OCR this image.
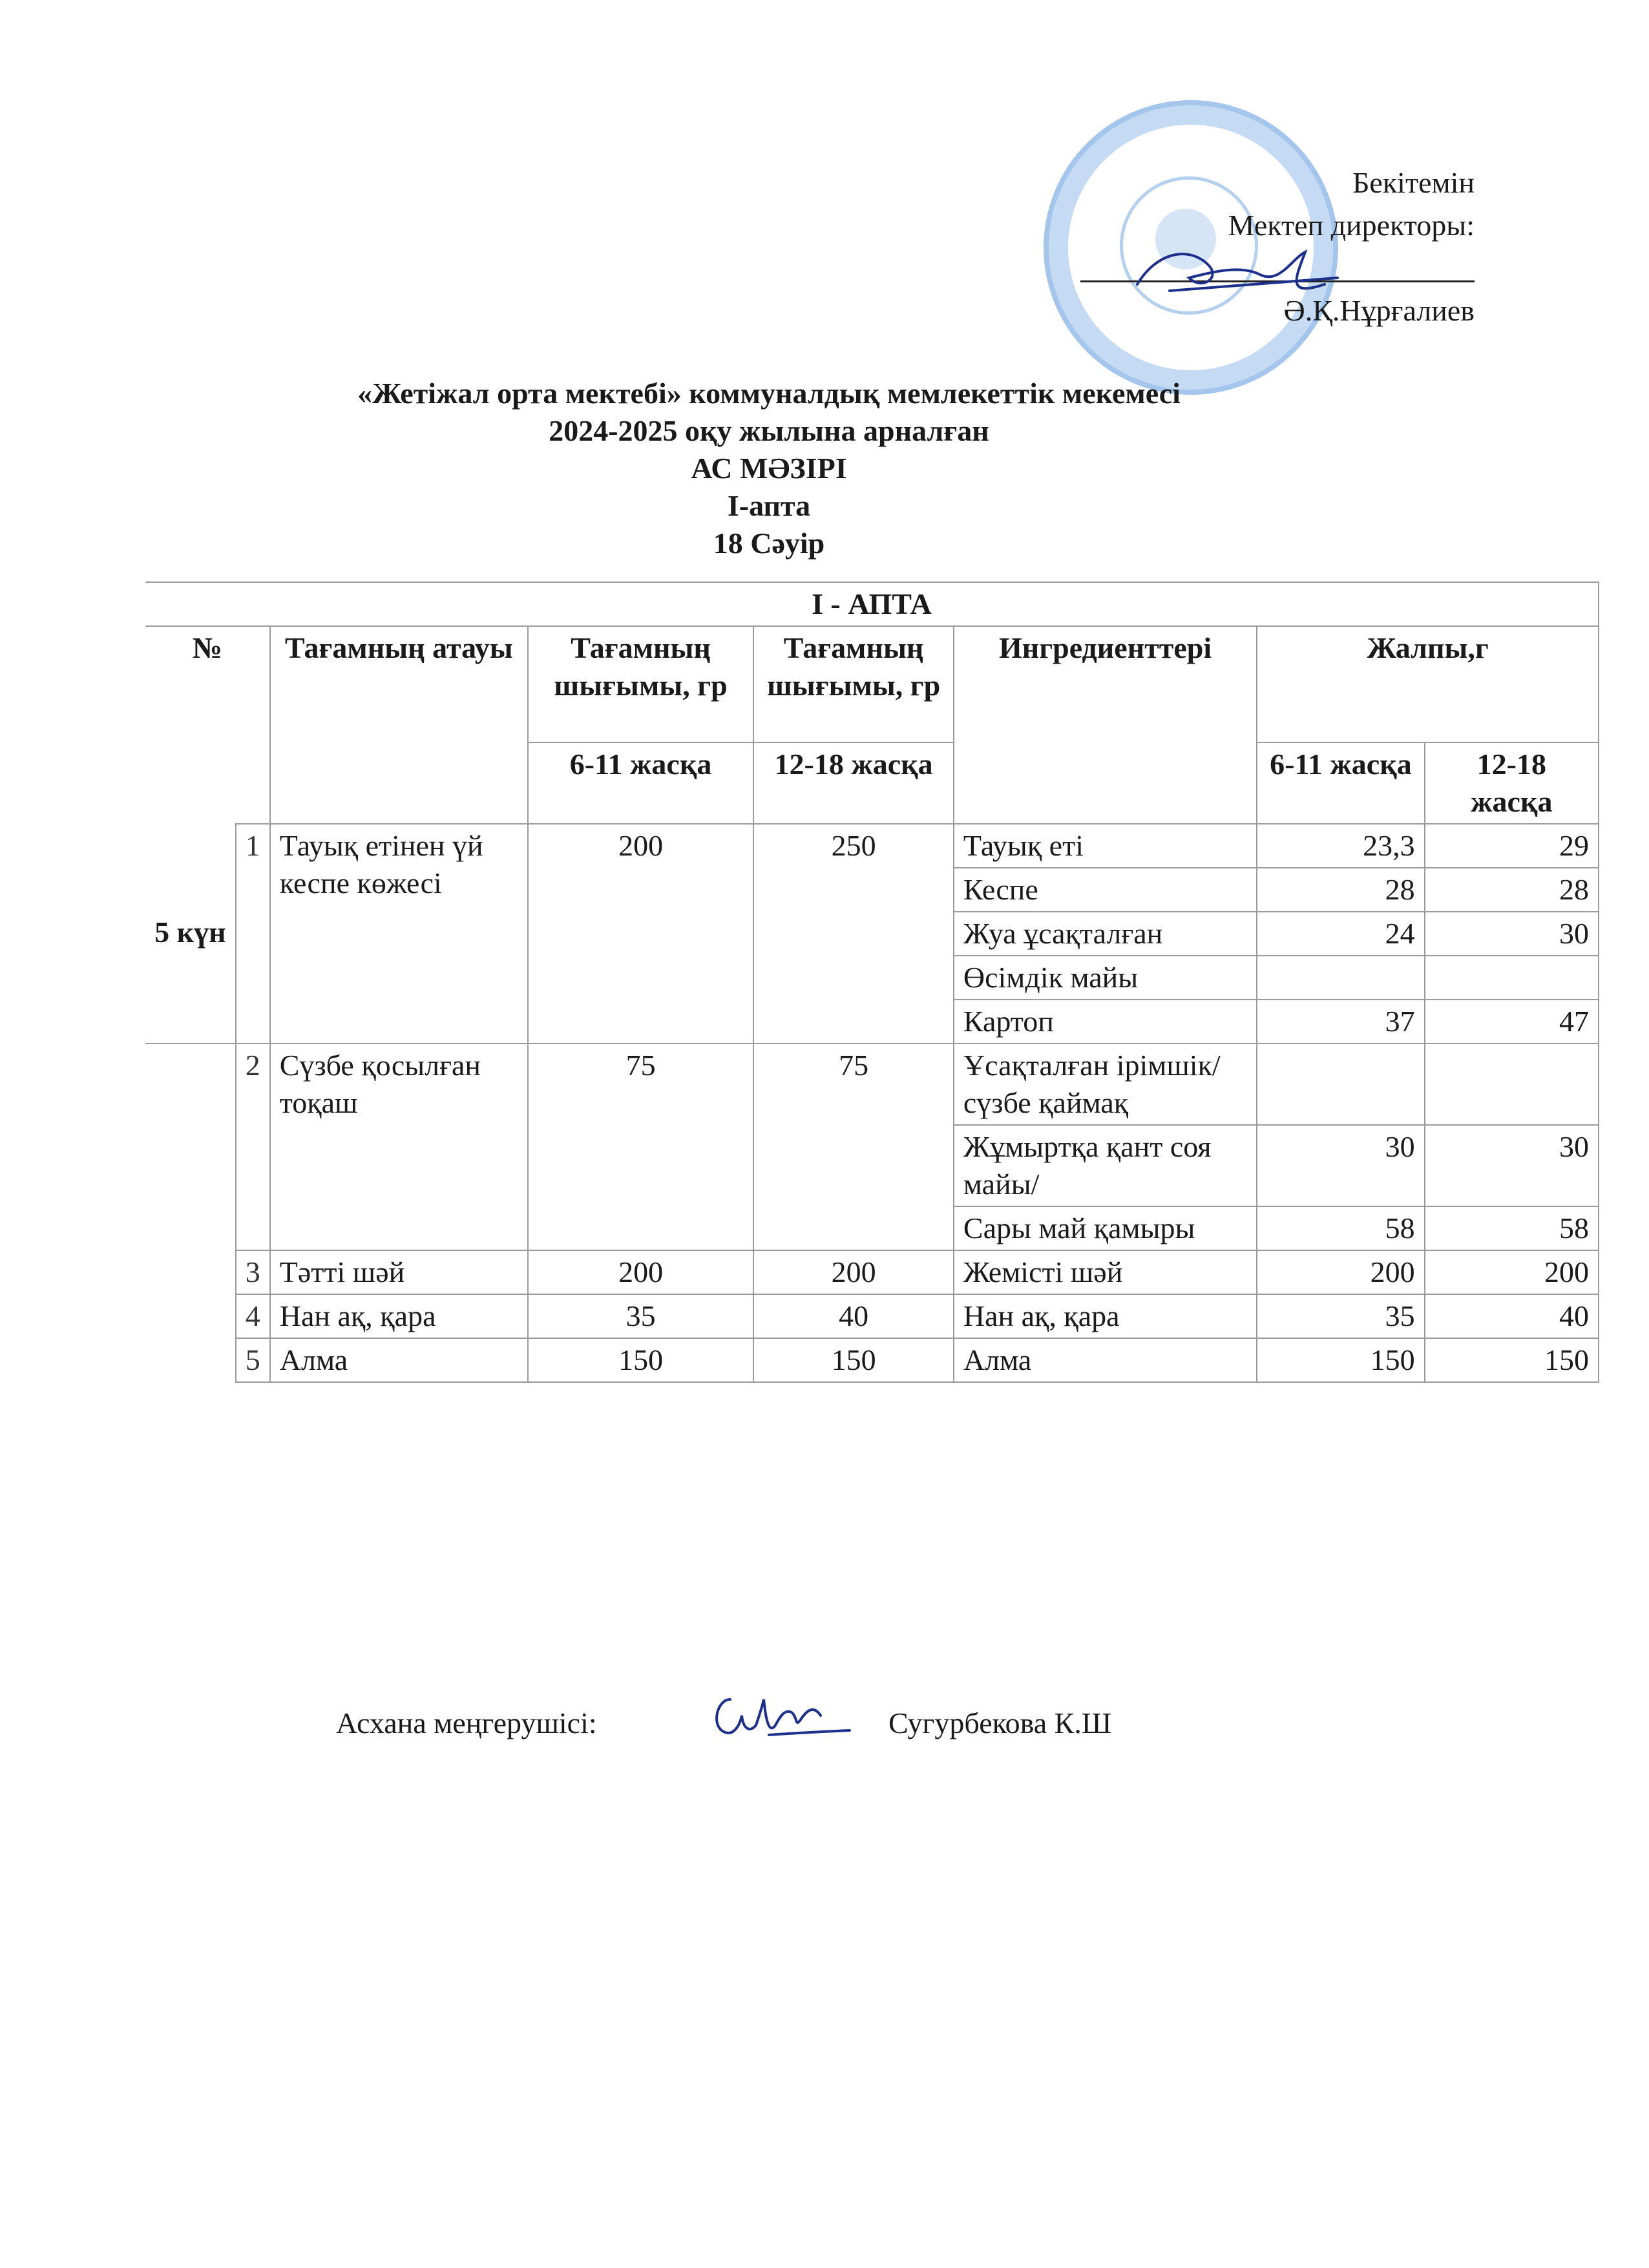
Бекітемін
Мектеп директоры:
Ә.Қ.Нұрғалиев
«Жетіжал орта мектебі» коммуналдық мемлекеттік мекемесі
2024-2025 оқу жылына арналған
АС МӘЗІРІ
І-апта
18 Сәуір
І - АПТА							
№		Тағамның атауы	Тағамның шығымы, гр	Тағамның шығымы, гр	Ингредиенттері	Жалпы,г	
			6-11 жасқа	12-18 жасқа		6-11 жасқа	12-18 жасқа
5 күн	1	Тауық етінен үй кеспе көжесі	200	250	Тауық еті	23,3	29
					Кеспе	28	28
					Жуа ұсақталған	24	30
					Өсімдік майы		
					Картоп	37	47
	2	Сүзбе қосылған тоқаш	75	75	Ұсақталған ірімшік/сүзбе қаймақ		
					Жұмыртқа қант соя майы/	30	30
					Сары май қамыры	58	58
	3	Тәтті шәй	200	200	Жемісті шәй	200	200
	4	Нан ақ, қара	35	40	Нан ақ, қара	35	40
	5	Алма	150	150	Алма	150	150
Асхана меңгерушісі:	Сугурбекова К.Ш
